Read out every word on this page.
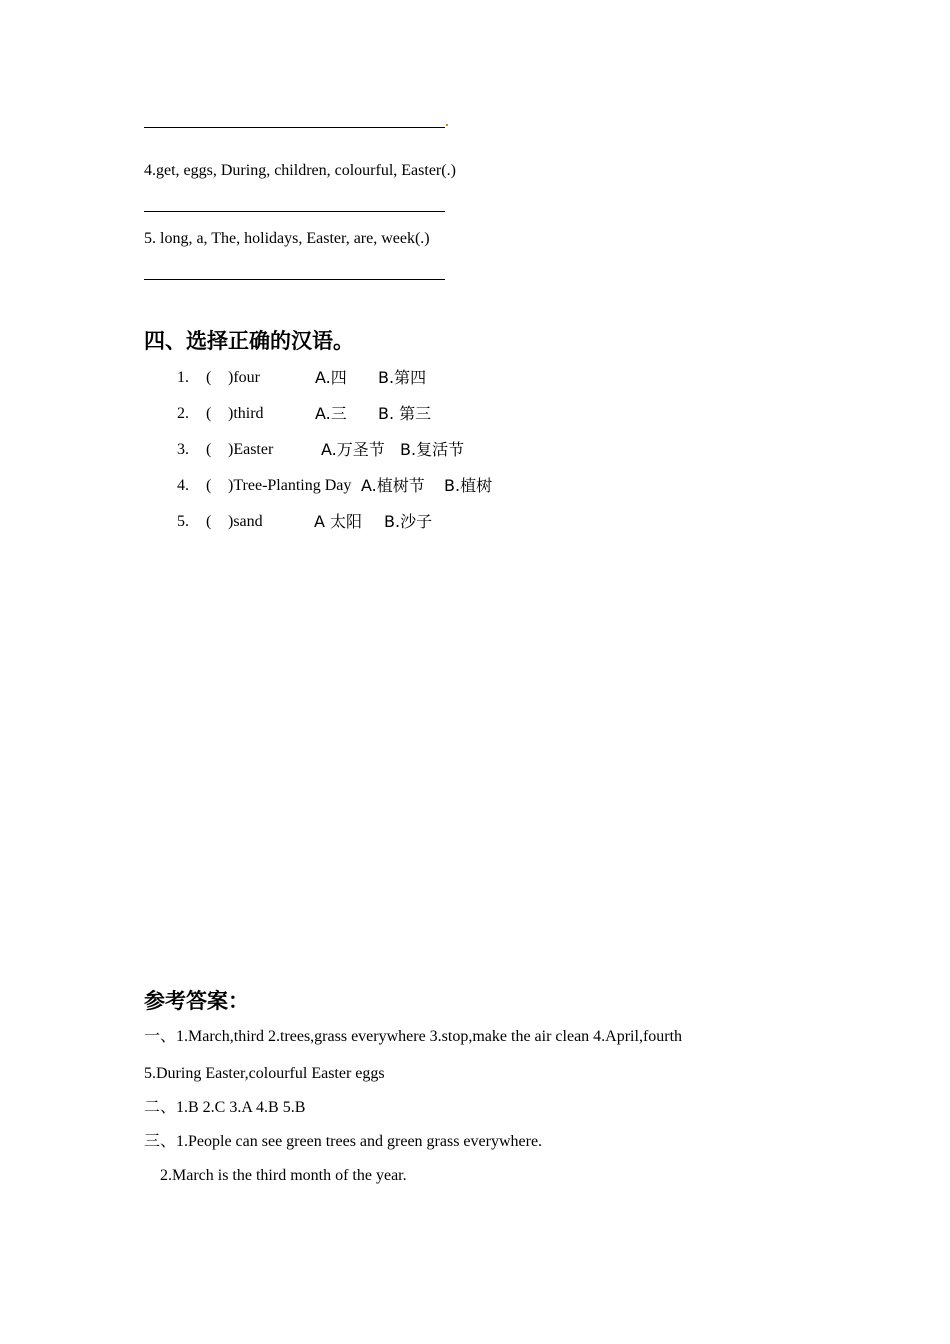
4.get, eggs, During, children, colourful, Easter(.)
5. long, a, The, holidays, Easter, are, week(.)
四、选择正确的汉语。
1. ( )four	A.四 B.第四
2. ( )third	A.三 B. 第三
3. ( )Easter	A.万圣节 B.复活节
4. ( )Tree-Planting Day A.植树节 B.植树
5. ( )sand	A 太阳 B.沙子
参考答案：
一、1.March,third 2.trees,grass everywhere 3.stop,make the air clean 4.April,fourth
5.During Easter,colourful Easter eggs
二、1.B 2.C 3.A 4.B 5.B
三、1.People can see green trees and green grass everywhere.
2.March is the third month of the year.
